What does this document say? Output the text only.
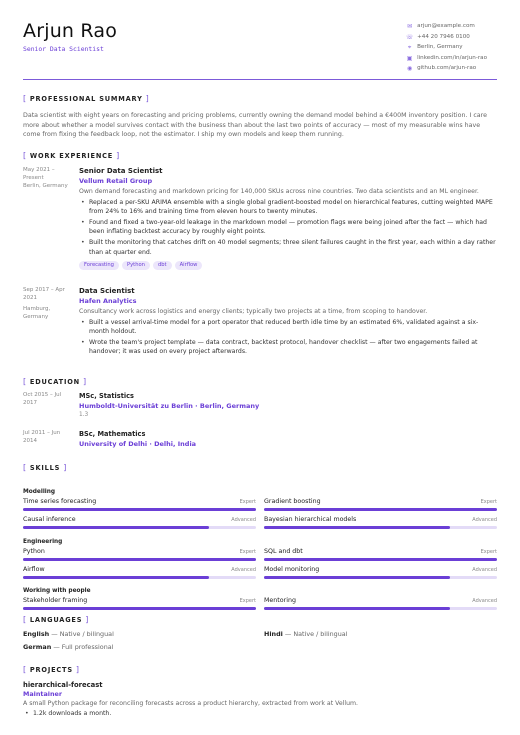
Arjun Rao
Senior Data Scientist
✉ arjun@example.com
☏ +44 20 7946 0100
⌖	Berlin, Germany
▣ linkedin.com/in/arjun-rao
◉ github.com/arjun-rao
[ PROFESSIONAL SUMMARY ]
Data scientist with eight years on forecasting and pricing problems, currently owning the demand model behind a €400M inventory position. I care more about whether a model survives contact with the business than about the last two points of accuracy — most of my measurable wins have come from fixing the feedback loop, not the estimator. I ship my own models and keep them running.
[ WORK EXPERIENCE ]
May 2021 – Present
Berlin, Germany
Senior Data Scientist
Vellum Retail Group
Own demand forecasting and markdown pricing for 140,000 SKUs across nine countries. Two data scientists and an ML engineer.
• Replaced a per-SKU ARIMA ensemble with a single global gradient-boosted model on hierarchical features, cutting weighted MAPE from 24% to 16% and training time from eleven hours to twenty minutes.
• Found and fixed a two-year-old leakage in the markdown model — promotion flags were being joined after the fact — which had been inflating backtest accuracy by roughly eight points.
• Built the monitoring that catches drift on 40 model segments; three silent failures caught in the first year, each within a day rather than at quarter end.
Forecasting	Python	dbt	Airflow
Sep 2017 – Apr 2021
Hamburg, Germany
Data Scientist
Hafen Analytics
Consultancy work across logistics and energy clients; typically two projects at a time, from scoping to handover.
• Built a vessel arrival-time model for a port operator that reduced berth idle time by an estimated 6%, validated against a six-month holdout.
• Wrote the team's project template — data contract, backtest protocol, handover checklist — after two engagements failed at handover; it was used on every project afterwards.
[ EDUCATION ]
Oct 2015 – Jul 2017
MSc, Statistics
Humboldt-Universität zu Berlin · Berlin, Germany
1.3
Jul 2011 – Jun 2014
BSc, Mathematics
University of Delhi · Delhi, India
[ SKILLS ]
Modelling
Time series forecasting	Expert Gradient boosting	Expert
Causal inference	Advanced Bayesian hierarchical models	Advanced
Engineering
Python	Expert SQL and dbt	Expert
Airflow	Advanced Model monitoring	Advanced
Working with people
Stakeholder framing	Expert Mentoring	Advanced
[ LANGUAGES ]
English — Native / bilingual	Hindi — Native / bilingual
German — Full professional
[ PROJECTS ]
hierarchical-forecast
Maintainer
A small Python package for reconciling forecasts across a product hierarchy, extracted from work at Vellum.
• 1.2k downloads a month.
